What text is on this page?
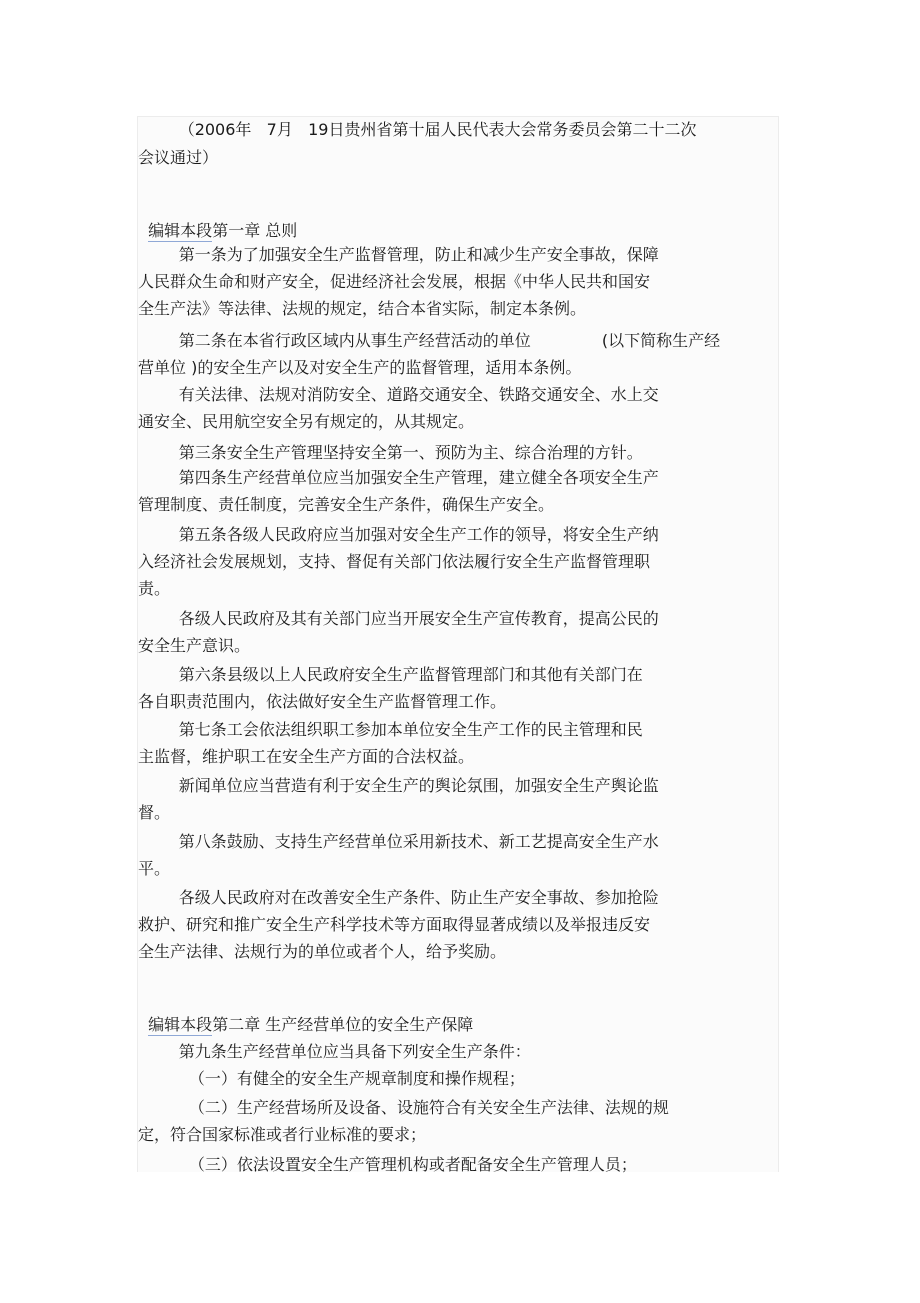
（2006年   7月   19日贵州省第十届人民代表大会常务委员会第二十二次
会议通过）

编辑本段第一章 总则

第一条为了加强安全生产监督管理，防止和减少生产安全事故，保障
人民群众生命和财产安全，促进经济社会发展，根据《中华人民共和国安
全生产法》等法律、法规的规定，结合本省实际，制定本条例。
第二条在本省行政区域内从事生产经营活动的单位              (以下简称生产经
营单位 )的安全生产以及对安全生产的监督管理，适用本条例。
有关法律、法规对消防安全、道路交通安全、铁路交通安全、水上交
通安全、民用航空安全另有规定的，从其规定。
第三条安全生产管理坚持安全第一、预防为主、综合治理的方针。
第四条生产经营单位应当加强安全生产管理，建立健全各项安全生产
管理制度、责任制度，完善安全生产条件，确保生产安全。
第五条各级人民政府应当加强对安全生产工作的领导，将安全生产纳
入经济社会发展规划，支持、督促有关部门依法履行安全生产监督管理职
责。
各级人民政府及其有关部门应当开展安全生产宣传教育，提高公民的
安全生产意识。
第六条县级以上人民政府安全生产监督管理部门和其他有关部门在
各自职责范围内，依法做好安全生产监督管理工作。
第七条工会依法组织职工参加本单位安全生产工作的民主管理和民
主监督，维护职工在安全生产方面的合法权益。
新闻单位应当营造有利于安全生产的舆论氛围，加强安全生产舆论监
督。
第八条鼓励、支持生产经营单位采用新技术、新工艺提高安全生产水
平。
各级人民政府对在改善安全生产条件、防止生产安全事故、参加抢险
救护、研究和推广安全生产科学技术等方面取得显著成绩以及举报违反安
全生产法律、法规行为的单位或者个人，给予奖励。

编辑本段第二章 生产经营单位的安全生产保障

第九条生产经营单位应当具备下列安全生产条件：
（一）有健全的安全生产规章制度和操作规程；
（二）生产经营场所及设备、设施符合有关安全生产法律、法规的规
定，符合国家标准或者行业标准的要求；
（三）依法设置安全生产管理机构或者配备安全生产管理人员；
